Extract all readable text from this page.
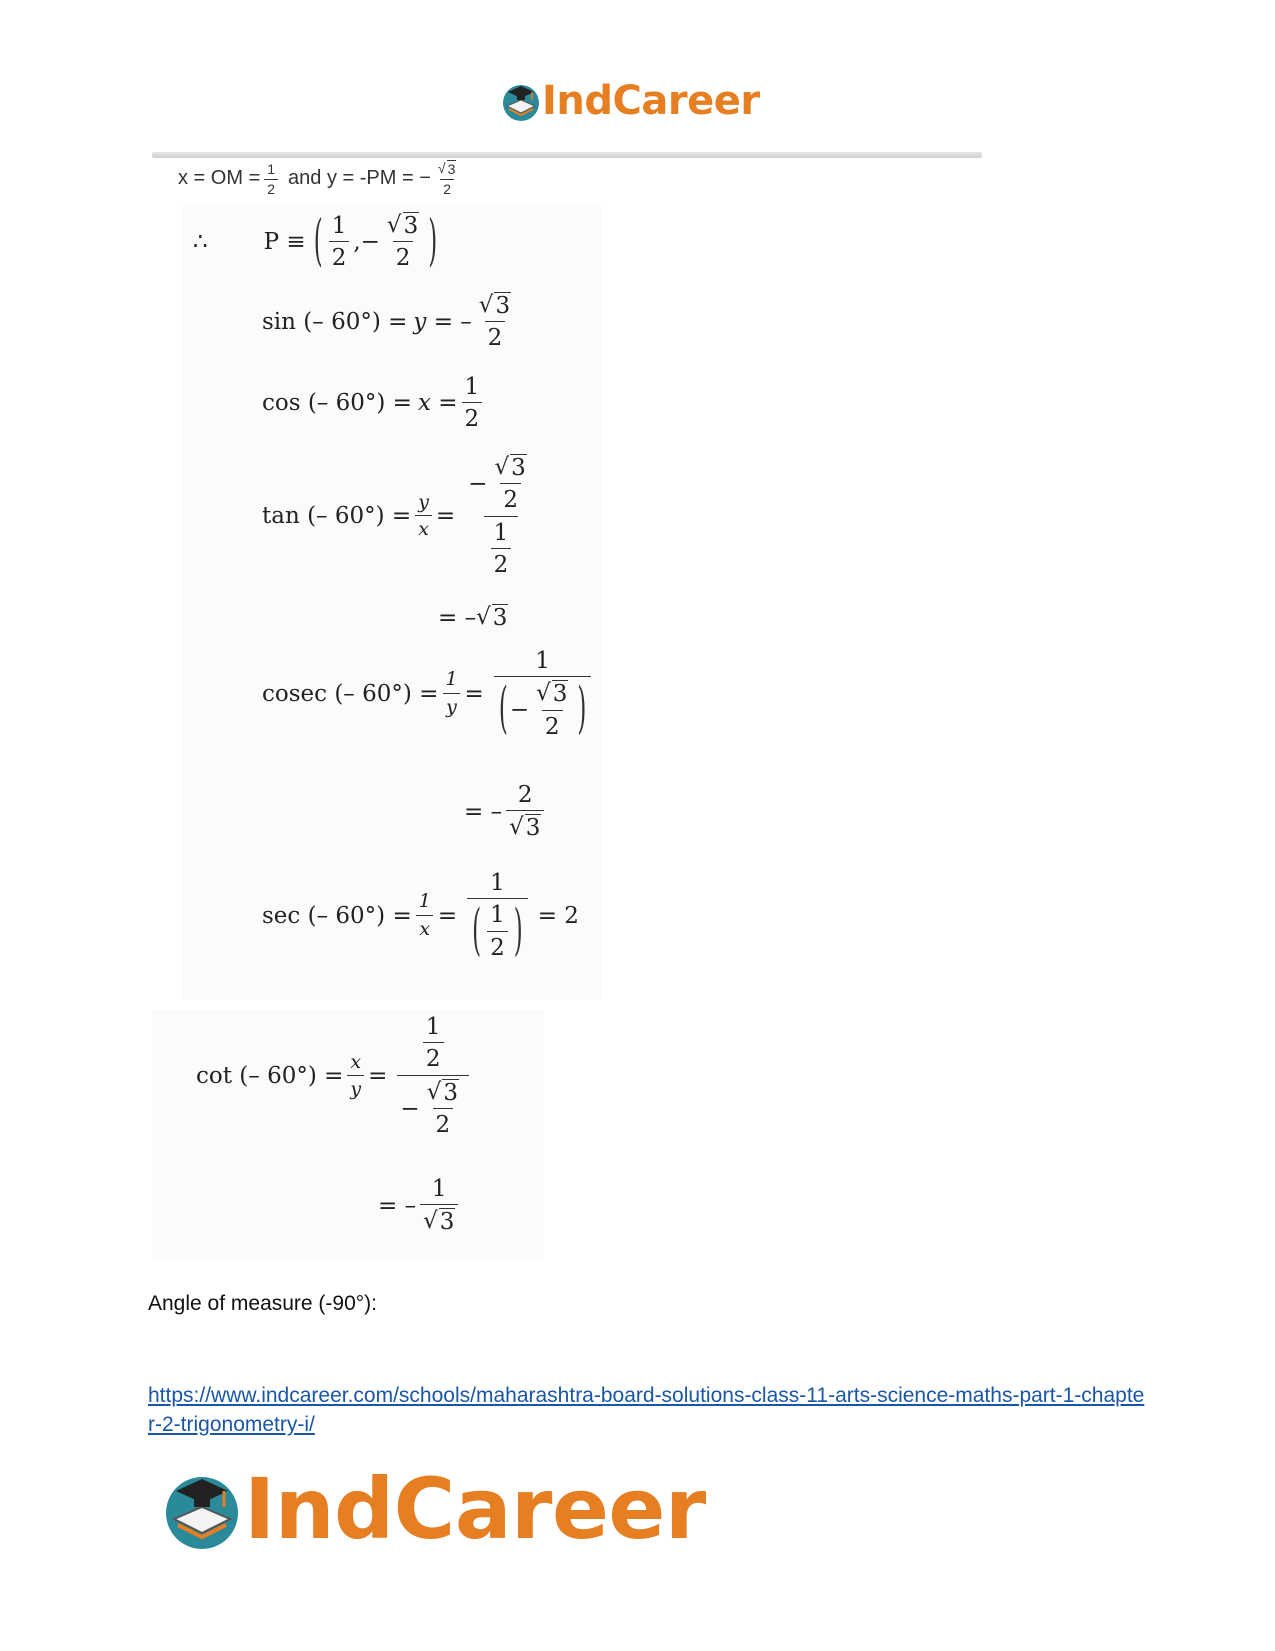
IndCareer
x = OM = $\frac{1}{2}$ and y = -PM = − $\frac{√ 3}{2}$
∴ P ≡ ( $\frac{1}{2}$ , − $\frac{√ 3}{2}$ )
sin (– 60°) = y = – $\frac{√ 3}{2}$
cos (– $60^\circ) = x = \frac{1}{2}$
tan (– $60^\circ) = \frac{y}{x} = \frac{- \frac{√ 3}{2}}{\frac{1}{2}}$
= – √ 3
cosec (– $60^\circ) = \frac{1}{y}$ =
1
( − $\frac{√ 3}{2}$ )
= – $\frac{2}{√ 3}$
sec (– $60^\circ) = \frac{1}{x} = \frac{1}{( \frac{1}{2} )} = 2$
cot (– $60^\circ) = \frac{x}{y} = \frac{\frac{1}{2}}{- \frac{√ 3}{2}}$
= – $\frac{1}{√ 3}$
Angle of measure (-90°):
https://www.indcareer.com/schools/maharashtra-board-solutions-class-11-arts-science-maths-part-1-chapter-2-trigonometry-i/
IndCareer
